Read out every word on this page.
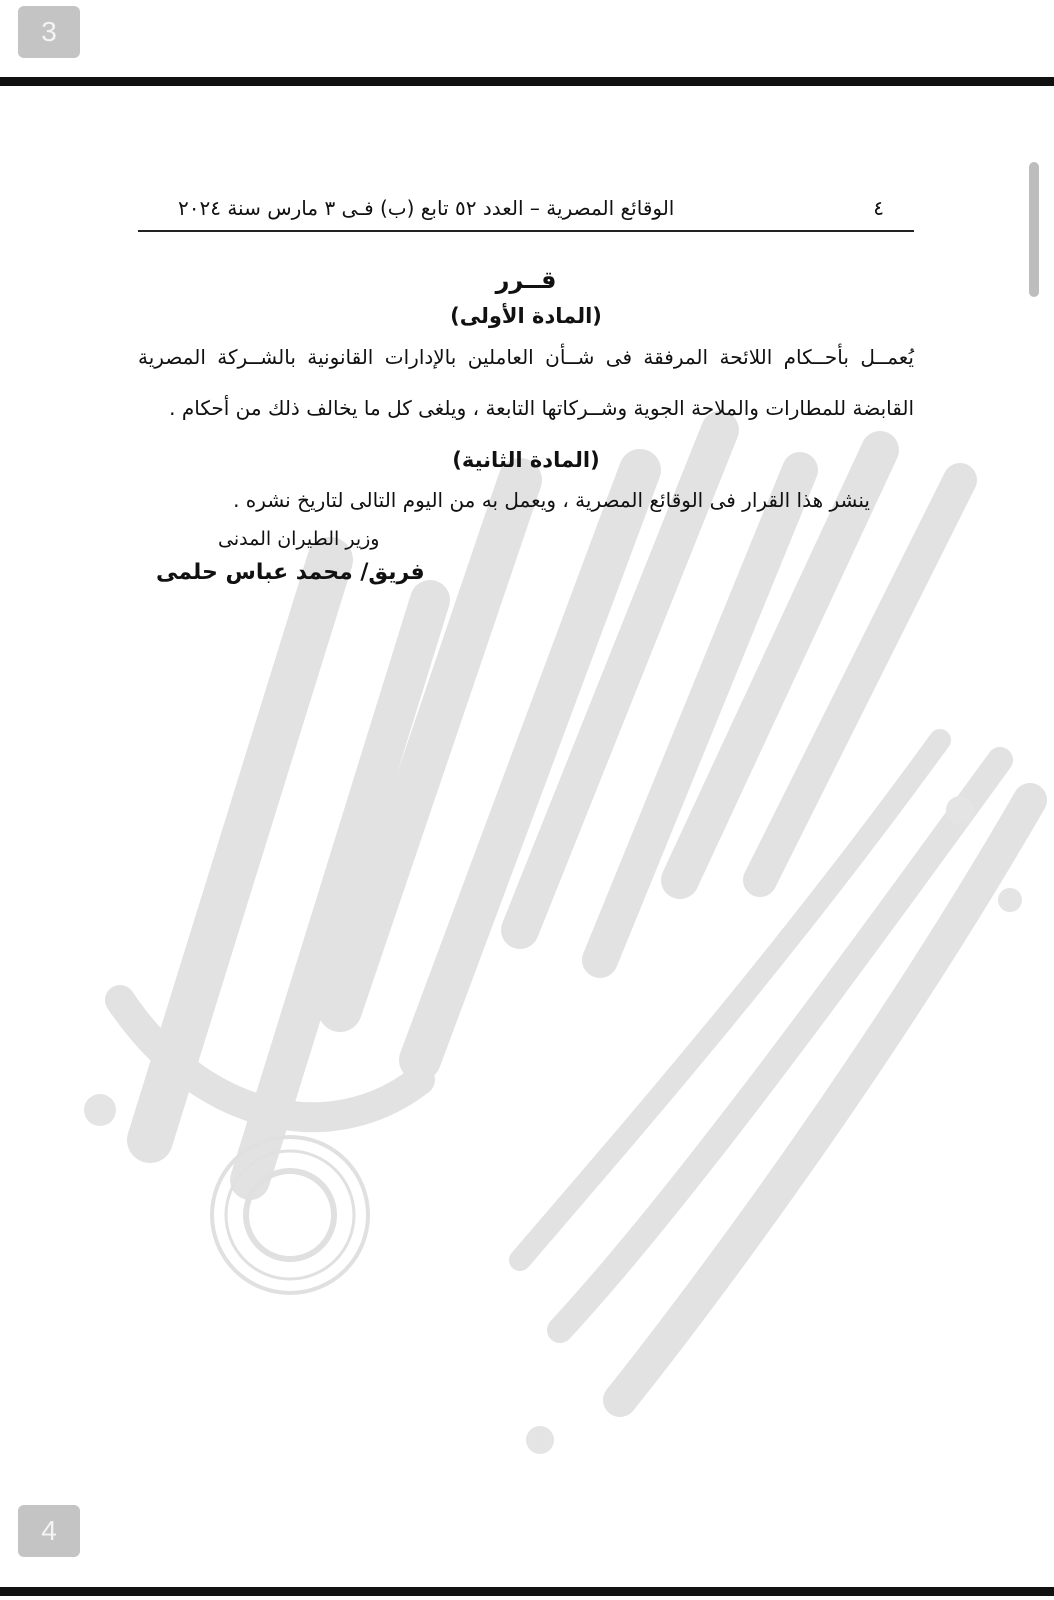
3
٤
الوقائع المصرية – العدد ٥٢ تابع (ب) فـى ٣ مارس سنة ٢٠٢٤
قــرر
(المادة الأولى)
يُعمــل بأحــكام اللائحة المرفقة فى شــأن العاملين بالإدارات القانونية بالشــركة المصرية القابضة للمطارات والملاحة الجوية وشــركاتها التابعة ، ويلغى كل ما يخالف ذلك من أحكام .
(المادة الثانية)
ينشر هذا القرار فى الوقائع المصرية ، ويعمل به من اليوم التالى لتاريخ نشره .
وزير الطيران المدنى
فريق/ محمد عباس حلمى
4
